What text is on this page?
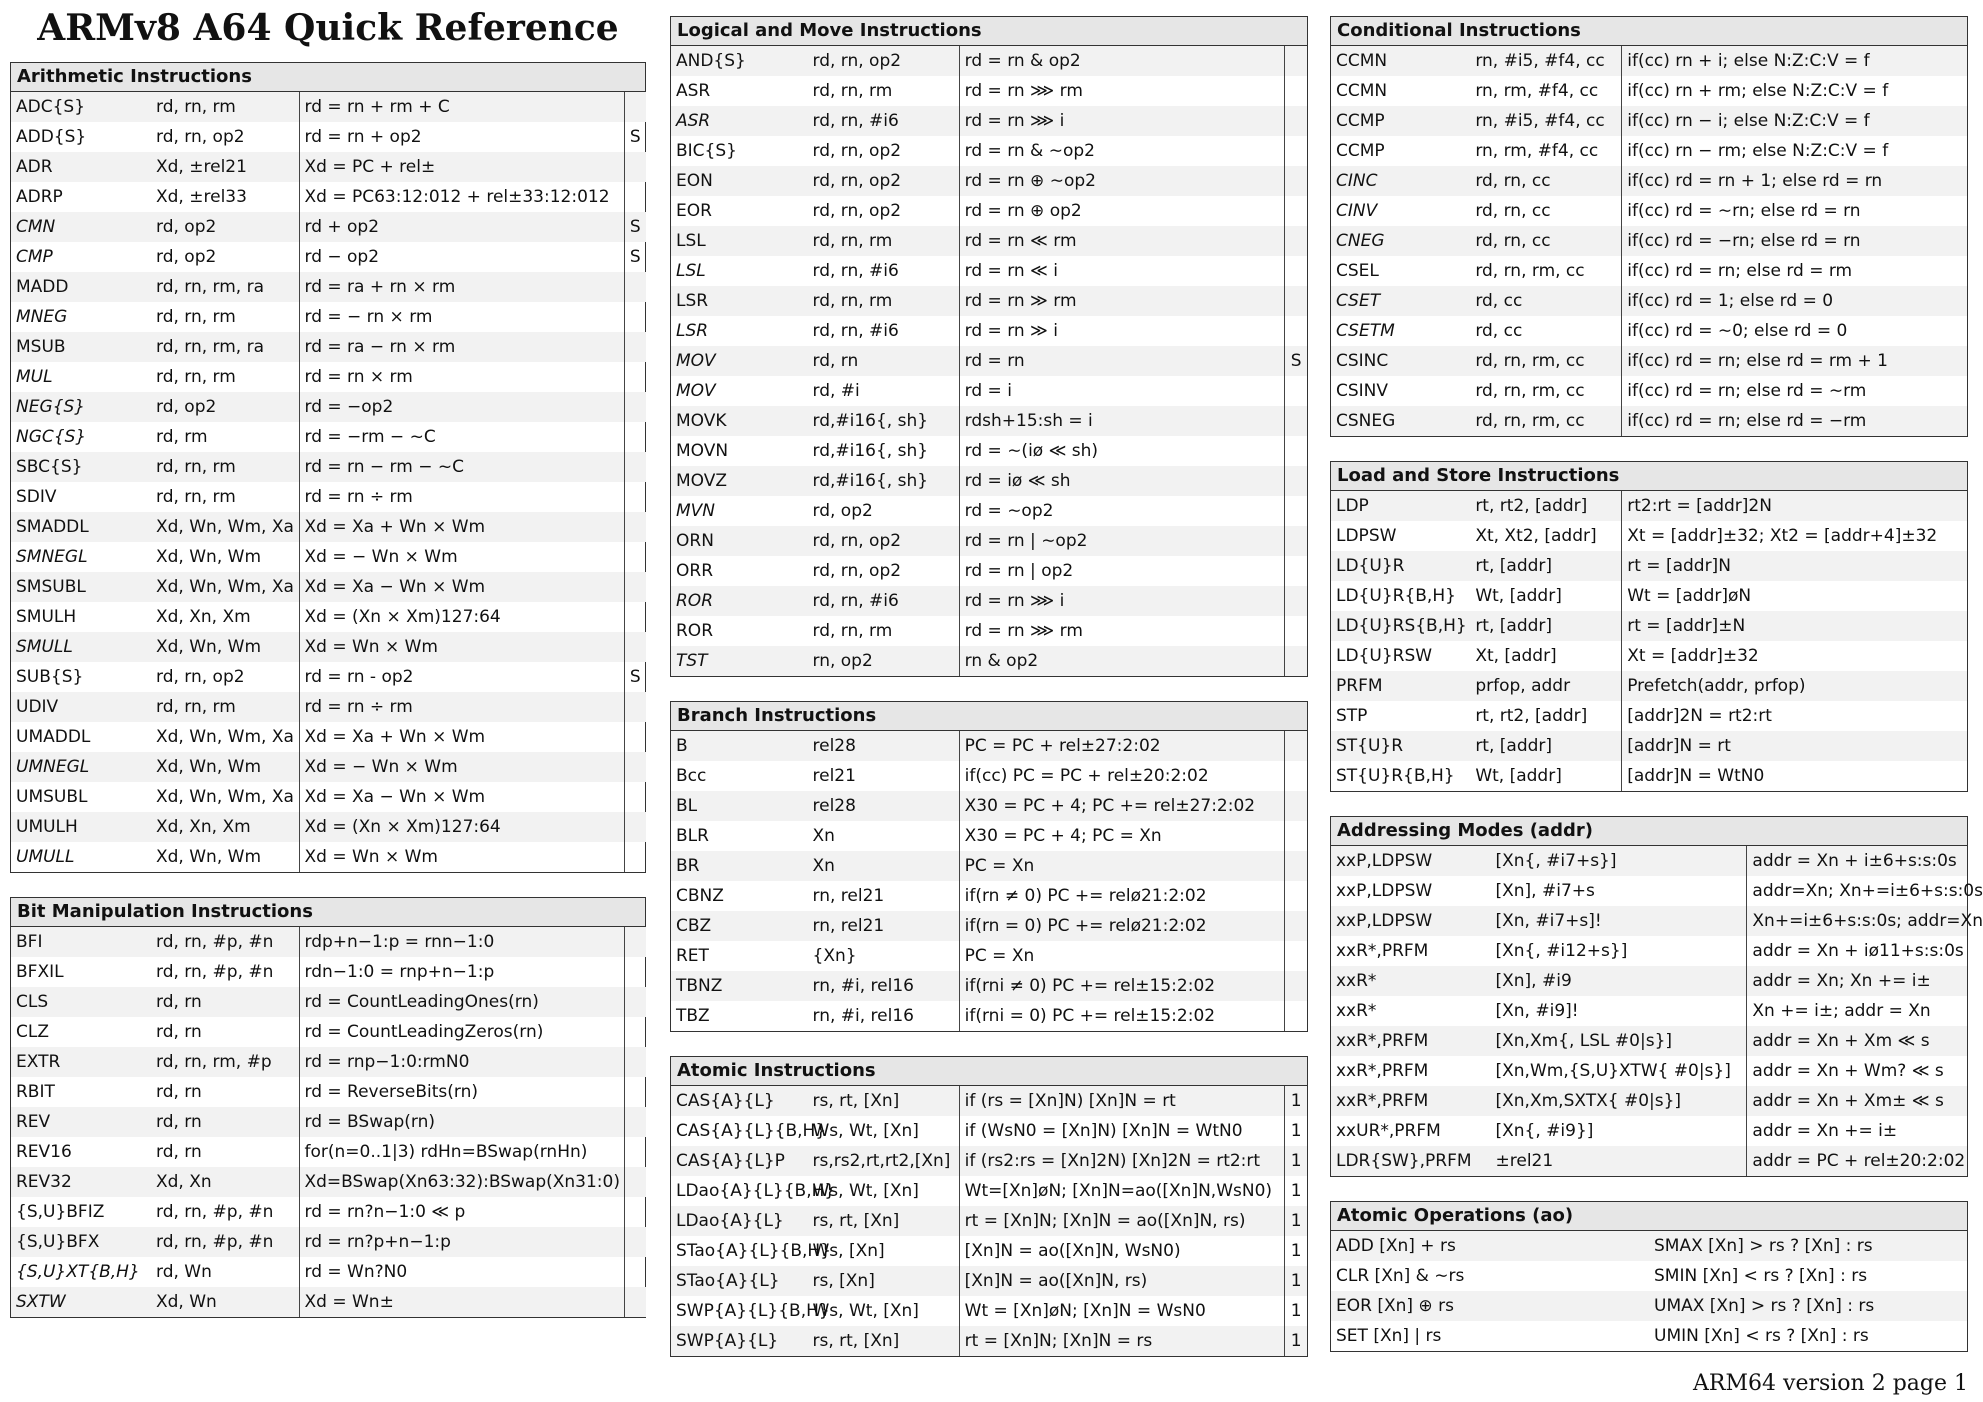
ARMv8 A64 Quick Reference
Arithmetic Instructions
ADC{S}	rd, rn, rm	rd = rn + rm + C	
ADD{S}	rd, rn, op2	rd = rn + op2	S
ADR	Xd, ±rel21	Xd = PC + rel±	
ADRP	Xd, ±rel33	Xd = PC63:12:012 + rel±33:12:012	
CMN	rd, op2	rd + op2	S
CMP	rd, op2	rd − op2	S
MADD	rd, rn, rm, ra	rd = ra + rn × rm	
MNEG	rd, rn, rm	rd = − rn × rm	
MSUB	rd, rn, rm, ra	rd = ra − rn × rm	
MUL	rd, rn, rm	rd = rn × rm	
NEG{S}	rd, op2	rd = −op2	
NGC{S}	rd, rm	rd = −rm − ~C	
SBC{S}	rd, rn, rm	rd = rn − rm − ~C	
SDIV	rd, rn, rm	rd = rn ÷ rm	
SMADDL	Xd, Wn, Wm, Xa	Xd = Xa + Wn × Wm	
SMNEGL	Xd, Wn, Wm	Xd = − Wn × Wm	
SMSUBL	Xd, Wn, Wm, Xa	Xd = Xa − Wn × Wm	
SMULH	Xd, Xn, Xm	Xd = (Xn × Xm)127:64	
SMULL	Xd, Wn, Wm	Xd = Wn × Wm	
SUB{S}	rd, rn, op2	rd = rn - op2	S
UDIV	rd, rn, rm	rd = rn ÷ rm	
UMADDL	Xd, Wn, Wm, Xa	Xd = Xa + Wn × Wm	
UMNEGL	Xd, Wn, Wm	Xd = − Wn × Wm	
UMSUBL	Xd, Wn, Wm, Xa	Xd = Xa − Wn × Wm	
UMULH	Xd, Xn, Xm	Xd = (Xn × Xm)127:64	
UMULL	Xd, Wn, Wm	Xd = Wn × Wm	
Bit Manipulation Instructions
BFI	rd, rn, #p, #n	rdp+n−1:p = rnn−1:0	
BFXIL	rd, rn, #p, #n	rdn−1:0 = rnp+n−1:p	
CLS	rd, rn	rd = CountLeadingOnes(rn)	
CLZ	rd, rn	rd = CountLeadingZeros(rn)	
EXTR	rd, rn, rm, #p	rd = rnp−1:0:rmN0	
RBIT	rd, rn	rd = ReverseBits(rn)	
REV	rd, rn	rd = BSwap(rn)	
REV16	rd, rn	for(n=0..1|3) rdHn=BSwap(rnHn)	
REV32	Xd, Xn	Xd=BSwap(Xn63:32):BSwap(Xn31:0)	
{S,U}BFIZ	rd, rn, #p, #n	rd = rn?n−1:0 ≪ p	
{S,U}BFX	rd, rn, #p, #n	rd = rn?p+n−1:p	
{S,U}XT{B,H}	rd, Wn	rd = Wn?N0	
SXTW	Xd, Wn	Xd = Wn±	
Logical and Move Instructions
AND{S}	rd, rn, op2	rd = rn & op2	
ASR	rd, rn, rm	rd = rn ⋙ rm	
ASR	rd, rn, #i6	rd = rn ⋙ i	
BIC{S}	rd, rn, op2	rd = rn & ∼op2	
EON	rd, rn, op2	rd = rn ⊕ ∼op2	
EOR	rd, rn, op2	rd = rn ⊕ op2	
LSL	rd, rn, rm	rd = rn ≪ rm	
LSL	rd, rn, #i6	rd = rn ≪ i	
LSR	rd, rn, rm	rd = rn ≫ rm	
LSR	rd, rn, #i6	rd = rn ≫ i	
MOV	rd, rn	rd = rn	S
MOV	rd, #i	rd = i	
MOVK	rd,#i16{, sh}	rdsh+15:sh = i	
MOVN	rd,#i16{, sh}	rd = ∼(iø ≪ sh)	
MOVZ	rd,#i16{, sh}	rd = iø ≪ sh	
MVN	rd, op2	rd = ∼op2	
ORN	rd, rn, op2	rd = rn | ∼op2	
ORR	rd, rn, op2	rd = rn | op2	
ROR	rd, rn, #i6	rd = rn ⋙ i	
ROR	rd, rn, rm	rd = rn ⋙ rm	
TST	rn, op2	rn & op2	
Branch Instructions
B	rel28	PC = PC + rel±27:2:02	
Bcc	rel21	if(cc) PC = PC + rel±20:2:02	
BL	rel28	X30 = PC + 4; PC += rel±27:2:02	
BLR	Xn	X30 = PC + 4; PC = Xn	
BR	Xn	PC = Xn	
CBNZ	rn, rel21	if(rn ≠ 0) PC += relø21:2:02	
CBZ	rn, rel21	if(rn = 0) PC += relø21:2:02	
RET	{Xn}	PC = Xn	
TBNZ	rn, #i, rel16	if(rni ≠ 0) PC += rel±15:2:02	
TBZ	rn, #i, rel16	if(rni = 0) PC += rel±15:2:02	
Atomic Instructions
CAS{A}{L}	rs, rt, [Xn]	if (rs = [Xn]N) [Xn]N = rt	1
CAS{A}{L}{B,H}	Ws, Wt, [Xn]	if (WsN0 = [Xn]N) [Xn]N = WtN0	1
CAS{A}{L}P	rs,rs2,rt,rt2,[Xn]	if (rs2:rs = [Xn]2N) [Xn]2N = rt2:rt	1
LDao{A}{L}{B,H}	Ws, Wt, [Xn]	Wt=[Xn]øN; [Xn]N=ao([Xn]N,WsN0)	1
LDao{A}{L}	rs, rt, [Xn]	rt = [Xn]N; [Xn]N = ao([Xn]N, rs)	1
STao{A}{L}{B,H}	Ws, [Xn]	[Xn]N = ao([Xn]N, WsN0)	1
STao{A}{L}	rs, [Xn]	[Xn]N = ao([Xn]N, rs)	1
SWP{A}{L}{B,H}	Ws, Wt, [Xn]	Wt = [Xn]øN; [Xn]N = WsN0	1
SWP{A}{L}	rs, rt, [Xn]	rt = [Xn]N; [Xn]N = rs	1
Conditional Instructions
CCMN	rn, #i5, #f4, cc	if(cc) rn + i; else N:Z:C:V = f
CCMN	rn, rm, #f4, cc	if(cc) rn + rm; else N:Z:C:V = f
CCMP	rn, #i5, #f4, cc	if(cc) rn − i; else N:Z:C:V = f
CCMP	rn, rm, #f4, cc	if(cc) rn − rm; else N:Z:C:V = f
CINC	rd, rn, cc	if(cc) rd = rn + 1; else rd = rn
CINV	rd, rn, cc	if(cc) rd = ∼rn; else rd = rn
CNEG	rd, rn, cc	if(cc) rd = −rn; else rd = rn
CSEL	rd, rn, rm, cc	if(cc) rd = rn; else rd = rm
CSET	rd, cc	if(cc) rd = 1; else rd = 0
CSETM	rd, cc	if(cc) rd = ∼0; else rd = 0
CSINC	rd, rn, rm, cc	if(cc) rd = rn; else rd = rm + 1
CSINV	rd, rn, rm, cc	if(cc) rd = rn; else rd = ∼rm
CSNEG	rd, rn, rm, cc	if(cc) rd = rn; else rd = −rm
Load and Store Instructions
LDP	rt, rt2, [addr]	rt2:rt = [addr]2N
LDPSW	Xt, Xt2, [addr]	Xt = [addr]±32; Xt2 = [addr+4]±32
LD{U}R	rt, [addr]	rt = [addr]N
LD{U}R{B,H}	Wt, [addr]	Wt = [addr]øN
LD{U}RS{B,H}	rt, [addr]	rt = [addr]±N
LD{U}RSW	Xt, [addr]	Xt = [addr]±32
PRFM	prfop, addr	Prefetch(addr, prfop)
STP	rt, rt2, [addr]	[addr]2N = rt2:rt
ST{U}R	rt, [addr]	[addr]N = rt
ST{U}R{B,H}	Wt, [addr]	[addr]N = WtN0
Addressing Modes (addr)
xxP,LDPSW	[Xn{, #i7+s}]	addr = Xn + i±6+s:s:0s
xxP,LDPSW	[Xn], #i7+s	addr=Xn; Xn+=i±6+s:s:0s
xxP,LDPSW	[Xn, #i7+s]!	Xn+=i±6+s:s:0s; addr=Xn
xxR*,PRFM	[Xn{, #i12+s}]	addr = Xn + iø11+s:s:0s
xxR*	[Xn], #i9	addr = Xn; Xn += i±
xxR*	[Xn, #i9]!	Xn += i±; addr = Xn
xxR*,PRFM	[Xn,Xm{, LSL #0|s}]	addr = Xn + Xm ≪ s
xxR*,PRFM	[Xn,Wm,{S,U}XTW{ #0|s}]	addr = Xn + Wm? ≪ s
xxR*,PRFM	[Xn,Xm,SXTX{ #0|s}]	addr = Xn + Xm± ≪ s
xxUR*,PRFM	[Xn{, #i9}]	addr = Xn += i±
LDR{SW},PRFM	±rel21	addr = PC + rel±20:2:02
Atomic Operations (ao)
ADD [Xn] + rs	SMAX [Xn] > rs ? [Xn] : rs
CLR [Xn] & ∼rs	SMIN [Xn] < rs ? [Xn] : rs
EOR [Xn] ⊕ rs	UMAX [Xn] > rs ? [Xn] : rs
SET [Xn] | rs	UMIN [Xn] < rs ? [Xn] : rs
ARM64 version 2 page 1
